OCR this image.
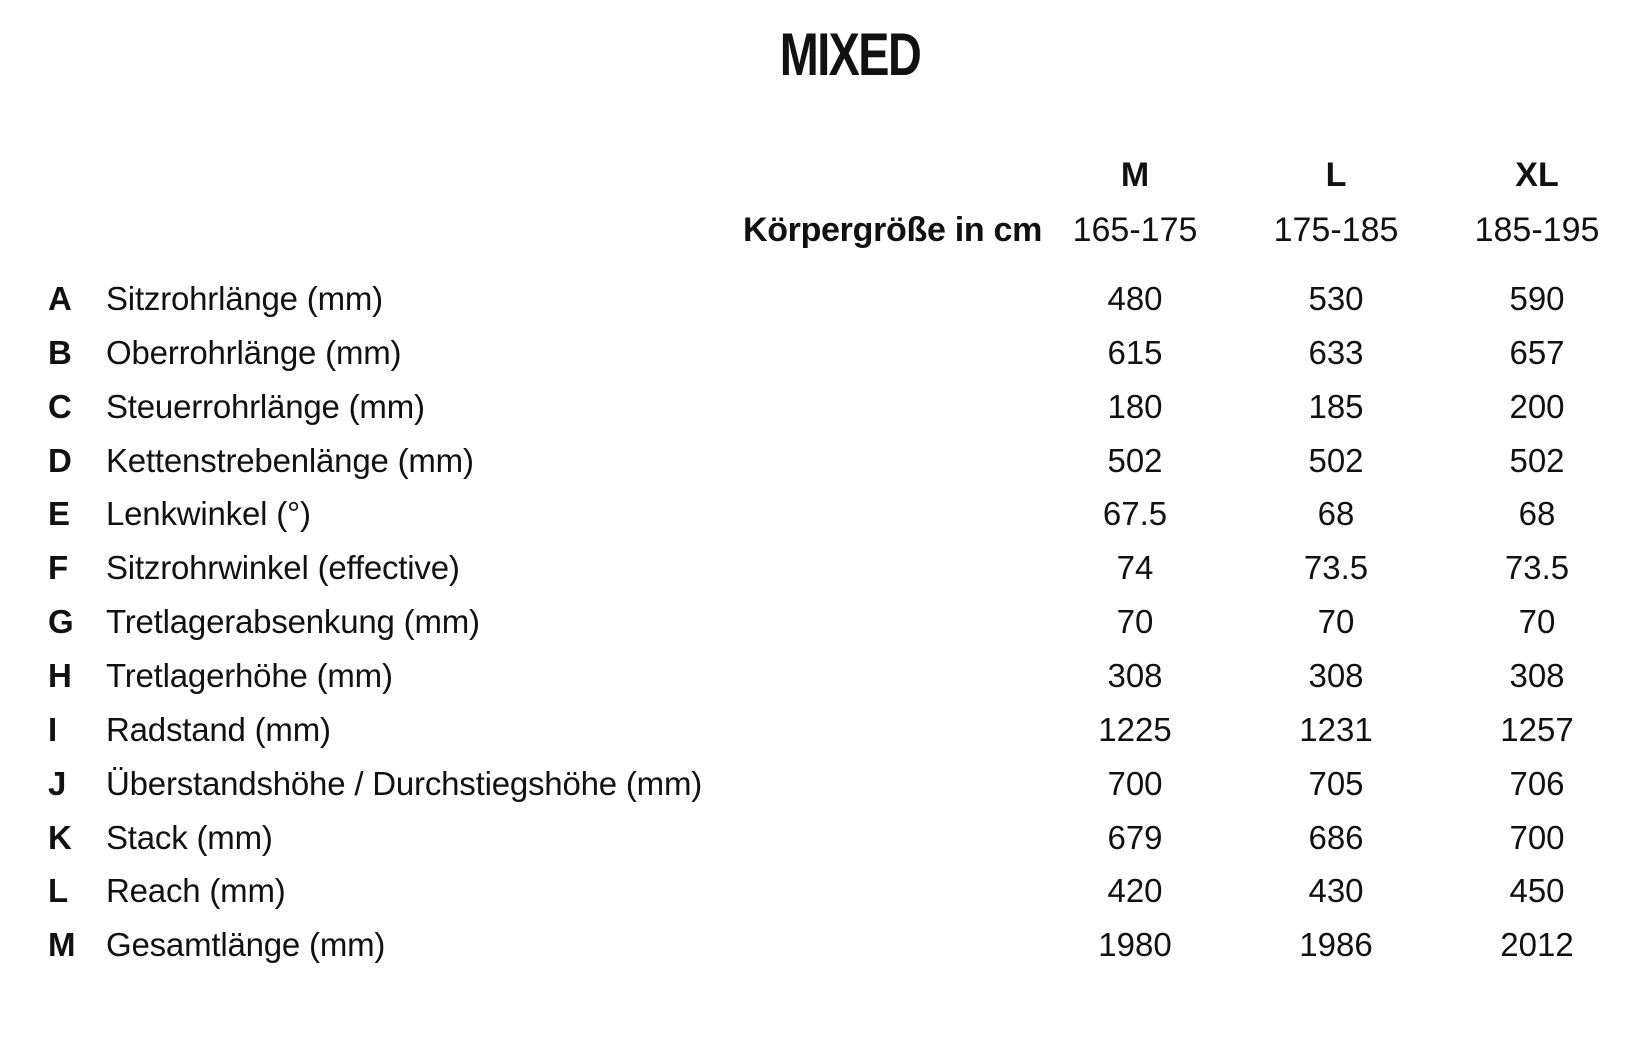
MIXED
M	L	XL
Körpergröße in cm 165-175	175-185	185-195
A Sitzrohrlänge (mm)	480	530	590
B Oberrohrlänge (mm)	615	633	657
C Steuerrohrlänge (mm)	180	185	200
D Kettenstrebenlänge (mm)	502	502	502
E Lenkwinkel (°)	67.5	68	68
F Sitzrohrwinkel (effective)	74	73.5	73.5
G Tretlagerabsenkung (mm)	70	70	70
H Tretlagerhöhe (mm)	308	308	308
I Radstand (mm)	1225	1231	1257
J Überstandshöhe / Durchstiegshöhe (mm)	700	705	706
K Stack (mm)	679	686	700
L Reach (mm)	420	430	450
M Gesamtlänge (mm)	1980	1986	2012
